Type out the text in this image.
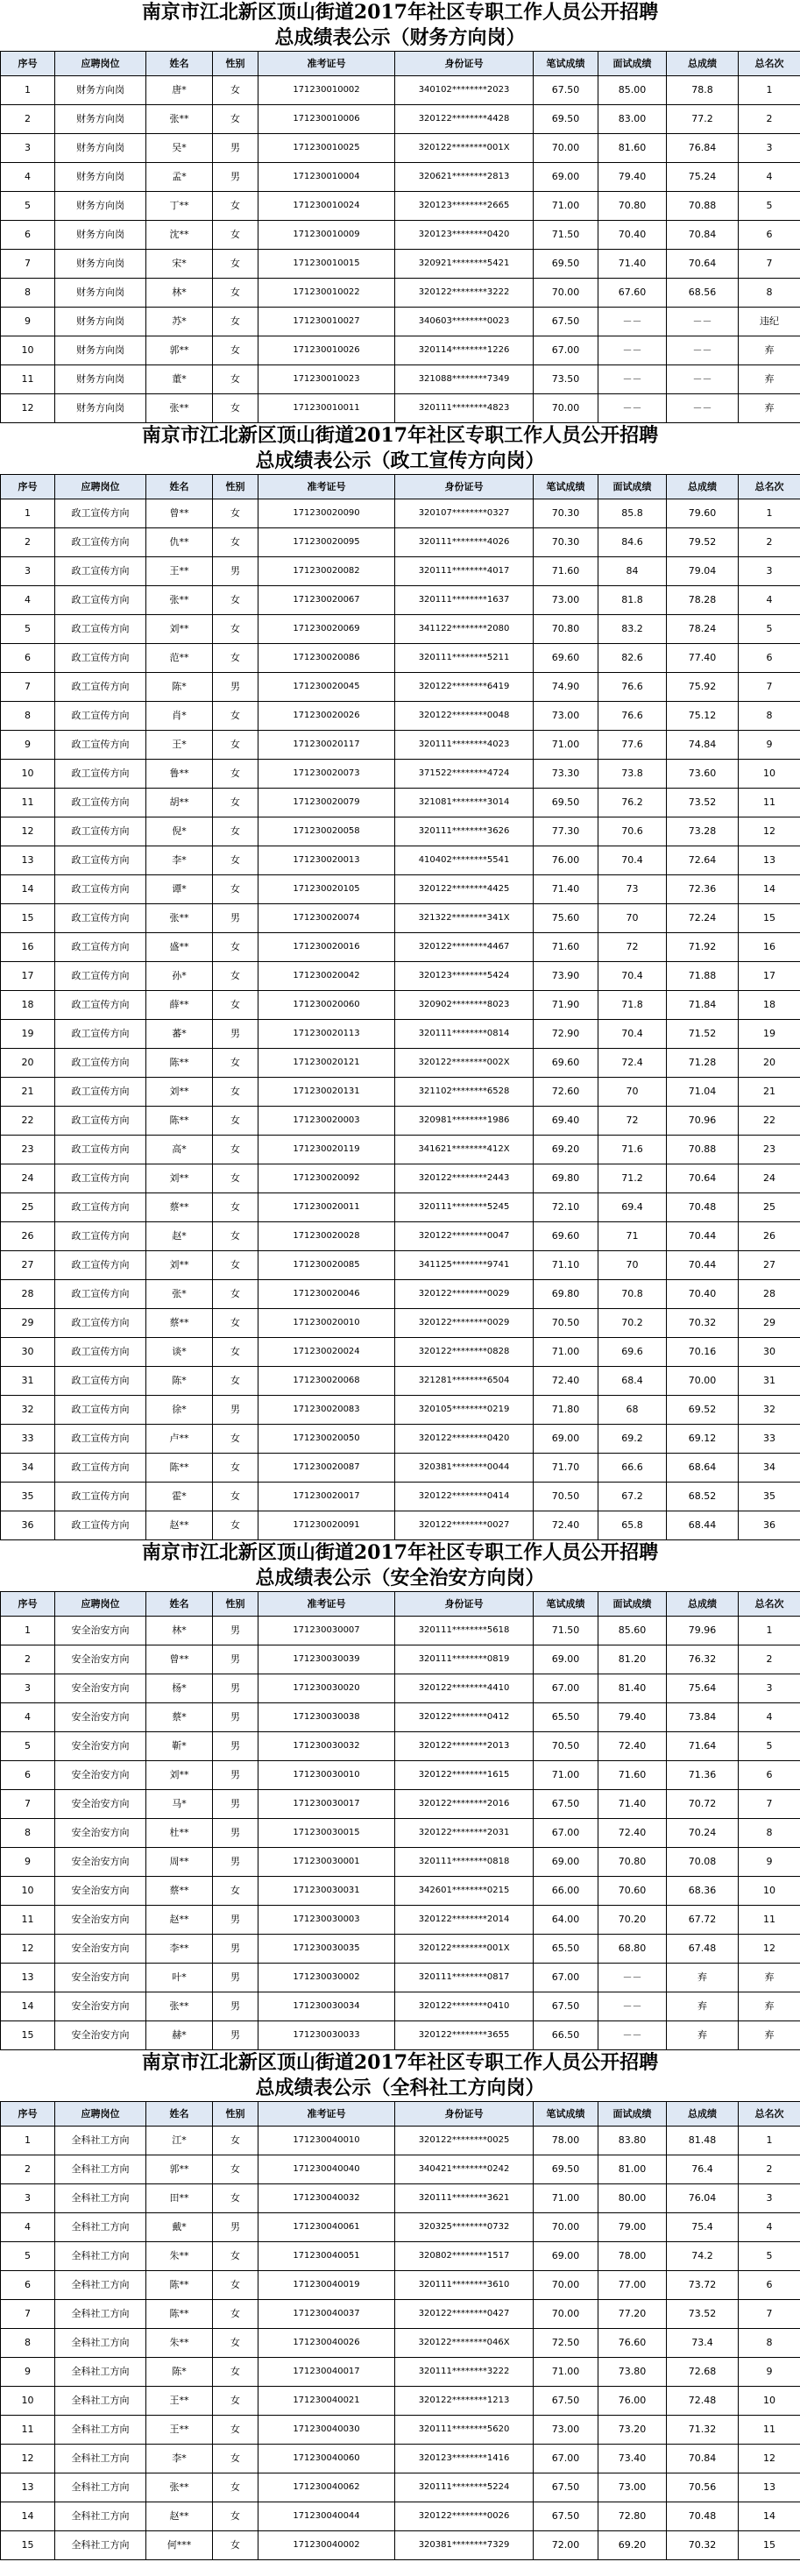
南京市江北新区顶山街道2017年社区专职工作人员公开招聘
总成绩表公示（财务方向岗）
序号	应聘岗位	姓名	性别	准考证号	身份证号	笔试成绩	面试成绩	总成绩	总名次
1	财务方向岗	唐*	女	171230010002	340102********2023	67.50	85.00	78.8	1
2	财务方向岗	张**	女	171230010006	320122********4428	69.50	83.00	77.2	2
3	财务方向岗	吴*	男	171230010025	320122********001X	70.00	81.60	76.84	3
4	财务方向岗	孟*	男	171230010004	320621********2813	69.00	79.40	75.24	4
5	财务方向岗	丁**	女	171230010024	320123********2665	71.00	70.80	70.88	5
6	财务方向岗	沈**	女	171230010009	320123********0420	71.50	70.40	70.84	6
7	财务方向岗	宋*	女	171230010015	320921********5421	69.50	71.40	70.64	7
8	财务方向岗	林*	女	171230010022	320122********3222	70.00	67.60	68.56	8
9	财务方向岗	苏*	女	171230010027	340603********0023	67.50	－－	－－	违纪
10	财务方向岗	郭**	女	171230010026	320114********1226	67.00	－－	－－	弃
11	财务方向岗	董*	女	171230010023	321088********7349	73.50	－－	－－	弃
12	财务方向岗	张**	女	171230010011	320111********4823	70.00	－－	－－	弃
南京市江北新区顶山街道2017年社区专职工作人员公开招聘
总成绩表公示（政工宣传方向岗）
序号	应聘岗位	姓名	性别	准考证号	身份证号	笔试成绩	面试成绩	总成绩	总名次
1	政工宣传方向	曾**	女	171230020090	320107********0327	70.30	85.8	79.60	1
2	政工宣传方向	仇**	女	171230020095	320111********4026	70.30	84.6	79.52	2
3	政工宣传方向	王**	男	171230020082	320111********4017	71.60	84	79.04	3
4	政工宣传方向	张**	女	171230020067	320111********1637	73.00	81.8	78.28	4
5	政工宣传方向	刘**	女	171230020069	341122********2080	70.80	83.2	78.24	5
6	政工宣传方向	范**	女	171230020086	320111********5211	69.60	82.6	77.40	6
7	政工宣传方向	陈*	男	171230020045	320122********6419	74.90	76.6	75.92	7
8	政工宣传方向	肖*	女	171230020026	320122********0048	73.00	76.6	75.12	8
9	政工宣传方向	王*	女	171230020117	320111********4023	71.00	77.6	74.84	9
10	政工宣传方向	鲁**	女	171230020073	371522********4724	73.30	73.8	73.60	10
11	政工宣传方向	胡**	女	171230020079	321081********3014	69.50	76.2	73.52	11
12	政工宣传方向	倪*	女	171230020058	320111********3626	77.30	70.6	73.28	12
13	政工宣传方向	李*	女	171230020013	410402********5541	76.00	70.4	72.64	13
14	政工宣传方向	谭*	女	171230020105	320122********4425	71.40	73	72.36	14
15	政工宣传方向	张**	男	171230020074	321322********341X	75.60	70	72.24	15
16	政工宣传方向	盛**	女	171230020016	320122********4467	71.60	72	71.92	16
17	政工宣传方向	孙*	女	171230020042	320123********5424	73.90	70.4	71.88	17
18	政工宣传方向	薛**	女	171230020060	320902********8023	71.90	71.8	71.84	18
19	政工宣传方向	蕃*	男	171230020113	320111********0814	72.90	70.4	71.52	19
20	政工宣传方向	陈**	女	171230020121	320122********002X	69.60	72.4	71.28	20
21	政工宣传方向	刘**	女	171230020131	321102********6528	72.60	70	71.04	21
22	政工宣传方向	陈**	女	171230020003	320981********1986	69.40	72	70.96	22
23	政工宣传方向	高*	女	171230020119	341621********412X	69.20	71.6	70.88	23
24	政工宣传方向	刘**	女	171230020092	320122********2443	69.80	71.2	70.64	24
25	政工宣传方向	蔡**	女	171230020011	320111********5245	72.10	69.4	70.48	25
26	政工宣传方向	赵*	女	171230020028	320122********0047	69.60	71	70.44	26
27	政工宣传方向	刘**	女	171230020085	341125********9741	71.10	70	70.44	27
28	政工宣传方向	张*	女	171230020046	320122********0029	69.80	70.8	70.40	28
29	政工宣传方向	蔡**	女	171230020010	320122********0029	70.50	70.2	70.32	29
30	政工宣传方向	谈*	女	171230020024	320122********0828	71.00	69.6	70.16	30
31	政工宣传方向	陈*	女	171230020068	321281********6504	72.40	68.4	70.00	31
32	政工宣传方向	徐*	男	171230020083	320105********0219	71.80	68	69.52	32
33	政工宣传方向	卢**	女	171230020050	320122********0420	69.00	69.2	69.12	33
34	政工宣传方向	陈**	女	171230020087	320381********0044	71.70	66.6	68.64	34
35	政工宣传方向	霍*	女	171230020017	320122********0414	70.50	67.2	68.52	35
36	政工宣传方向	赵**	女	171230020091	320122********0027	72.40	65.8	68.44	36
南京市江北新区顶山街道2017年社区专职工作人员公开招聘
总成绩表公示（安全治安方向岗）
序号	应聘岗位	姓名	性别	准考证号	身份证号	笔试成绩	面试成绩	总成绩	总名次
1	安全治安方向	林*	男	171230030007	320111********5618	71.50	85.60	79.96	1
2	安全治安方向	曾**	男	171230030039	320111********0819	69.00	81.20	76.32	2
3	安全治安方向	杨*	男	171230030020	320122********4410	67.00	81.40	75.64	3
4	安全治安方向	蔡*	男	171230030038	320122********0412	65.50	79.40	73.84	4
5	安全治安方向	靳*	男	171230030032	320122********2013	70.50	72.40	71.64	5
6	安全治安方向	刘**	男	171230030010	320122********1615	71.00	71.60	71.36	6
7	安全治安方向	马*	男	171230030017	320122********2016	67.50	71.40	70.72	7
8	安全治安方向	杜**	男	171230030015	320122********2031	67.00	72.40	70.24	8
9	安全治安方向	周**	男	171230030001	320111********0818	69.00	70.80	70.08	9
10	安全治安方向	蔡**	女	171230030031	342601********0215	66.00	70.60	68.36	10
11	安全治安方向	赵**	男	171230030003	320122********2014	64.00	70.20	67.72	11
12	安全治安方向	李**	男	171230030035	320122********001X	65.50	68.80	67.48	12
13	安全治安方向	叶*	男	171230030002	320111********0817	67.00	－－	弃	弃
14	安全治安方向	张**	男	171230030034	320122********0410	67.50	－－	弃	弃
15	安全治安方向	赫*	男	171230030033	320122********3655	66.50	－－	弃	弃
南京市江北新区顶山街道2017年社区专职工作人员公开招聘
总成绩表公示（全科社工方向岗）
序号	应聘岗位	姓名	性别	准考证号	身份证号	笔试成绩	面试成绩	总成绩	总名次
1	全科社工方向	江*	女	171230040010	320122********0025	78.00	83.80	81.48	1
2	全科社工方向	郭**	女	171230040040	340421********0242	69.50	81.00	76.4	2
3	全科社工方向	田**	女	171230040032	320111********3621	71.00	80.00	76.04	3
4	全科社工方向	戴*	男	171230040061	320325********0732	70.00	79.00	75.4	4
5	全科社工方向	朱**	女	171230040051	320802********1517	69.00	78.00	74.2	5
6	全科社工方向	陈**	女	171230040019	320111********3610	70.00	77.00	73.72	6
7	全科社工方向	陈**	女	171230040037	320122********0427	70.00	77.20	73.52	7
8	全科社工方向	朱**	女	171230040026	320122********046X	72.50	76.60	73.4	8
9	全科社工方向	陈*	女	171230040017	320111********3222	71.00	73.80	72.68	9
10	全科社工方向	王**	女	171230040021	320122********1213	67.50	76.00	72.48	10
11	全科社工方向	王**	女	171230040030	320111********5620	73.00	73.20	71.32	11
12	全科社工方向	李*	女	171230040060	320123********1416	67.00	73.40	70.84	12
13	全科社工方向	张**	女	171230040062	320111********5224	67.50	73.00	70.56	13
14	全科社工方向	赵**	女	171230040044	320122********0026	67.50	72.80	70.48	14
15	全科社工方向	何***	女	171230040002	320381********7329	72.00	69.20	70.32	15
